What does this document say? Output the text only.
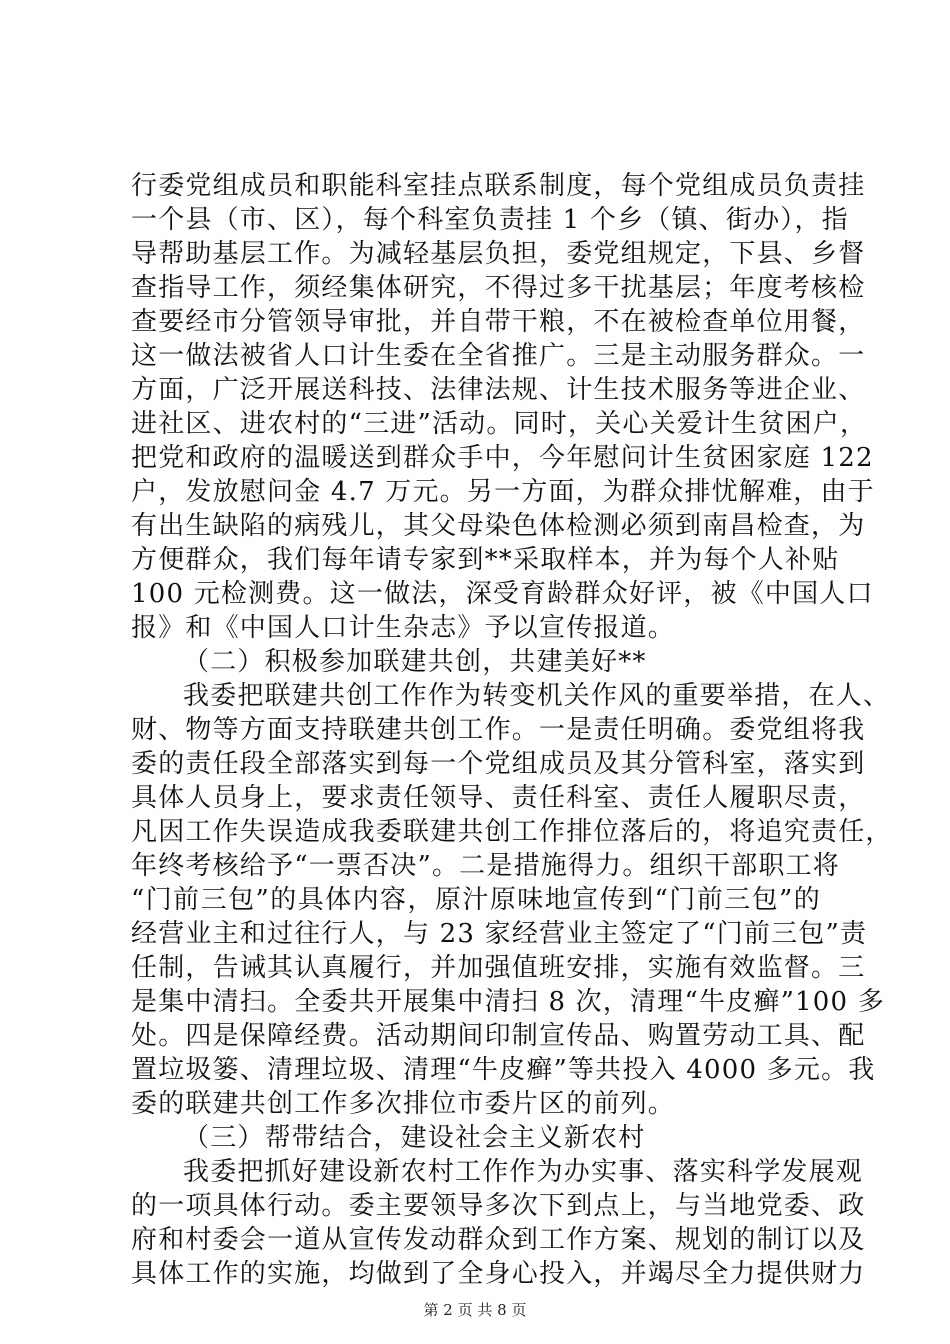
行委党组成员和职能科室挂点联系制度，每个党组成员负责挂
一个县（市、区），每个科室负责挂 1 个乡（镇、街办），指
导帮助基层工作。为减轻基层负担，委党组规定，下县、乡督
查指导工作，须经集体研究，不得过多干扰基层；年度考核检
查要经市分管领导审批，并自带干粮，不在被检查单位用餐，
这一做法被省人口计生委在全省推广。三是主动服务群众。一
方面，广泛开展送科技、法律法规、计生技术服务等进企业、
进社区、进农村的“三进”活动。同时，关心关爱计生贫困户，
把党和政府的温暖送到群众手中，今年慰问计生贫困家庭 122
户，发放慰问金 4.7 万元。另一方面，为群众排忧解难，由于
有出生缺陷的病残儿，其父母染色体检测必须到南昌检查，为
方便群众，我们每年请专家到**采取样本，并为每个人补贴
100 元检测费。这一做法，深受育龄群众好评，被《中国人口
报》和《中国人口计生杂志》予以宣传报道。
（二）积极参加联建共创，共建美好**
我委把联建共创工作作为转变机关作风的重要举措，在人、
财、物等方面支持联建共创工作。一是责任明确。委党组将我
委的责任段全部落实到每一个党组成员及其分管科室，落实到
具体人员身上，要求责任领导、责任科室、责任人履职尽责，
凡因工作失误造成我委联建共创工作排位落后的，将追究责任，
年终考核给予“一票否决”。二是措施得力。组织干部职工将
“门前三包”的具体内容，原汁原味地宣传到“门前三包”的
经营业主和过往行人，与 23 家经营业主签定了“门前三包”责
任制，告诫其认真履行，并加强值班安排，实施有效监督。三
是集中清扫。全委共开展集中清扫 8 次，清理“牛皮癣”100 多
处。四是保障经费。活动期间印制宣传品、购置劳动工具、配
置垃圾篓、清理垃圾、清理“牛皮癣”等共投入 4000 多元。我
委的联建共创工作多次排位市委片区的前列。
（三）帮带结合，建设社会主义新农村
我委把抓好建设新农村工作作为办实事、落实科学发展观
的一项具体行动。委主要领导多次下到点上，与当地党委、政
府和村委会一道从宣传发动群众到工作方案、规划的制订以及
具体工作的实施，均做到了全身心投入，并竭尽全力提供财力
第 2 页 共 8 页
